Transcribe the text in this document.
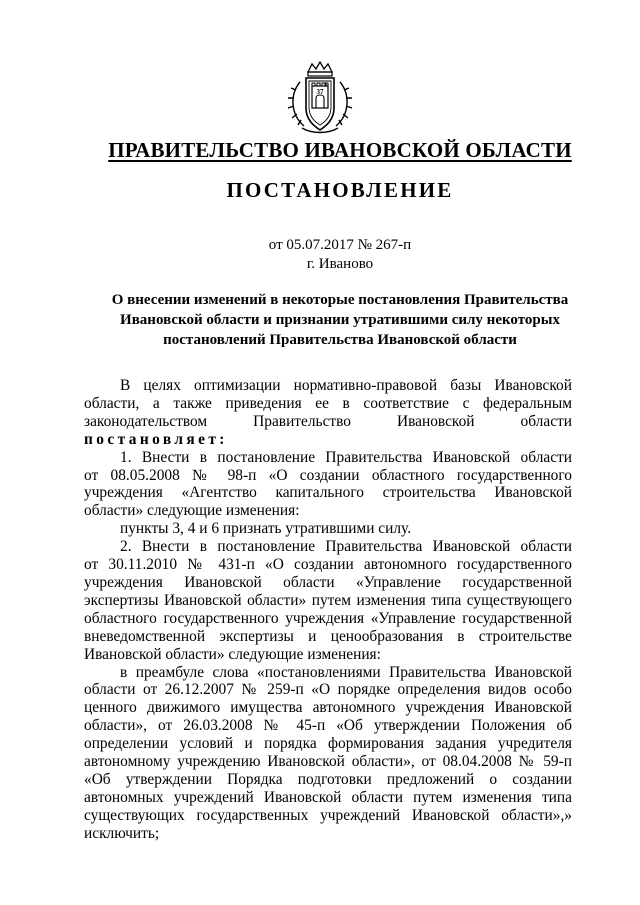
37
ПРАВИТЕЛЬСТВО ИВАНОВСКОЙ ОБЛАСТИ
ПОСТАНОВЛЕНИЕ
от 05.07.2017 № 267-п
г. Иваново
О внесении изменений в некоторые постановления Правительства
Ивановской области и признании утратившими силу некоторых
постановлений Правительства Ивановской области

В целях оптимизации нормативно-правовой базы Ивановской

области, а также приведения ее в соответствие с федеральным

законодательством Правительство Ивановской области

постановляет:

1. Внести в постановление Правительства Ивановской области

от 08.05.2008 № 98-п «О создании областного государственного

учреждения «Агентство капитального строительства Ивановской

области» следующие изменения:

пункты 3, 4 и 6 признать утратившими силу.

2. Внести в постановление Правительства Ивановской области

от 30.11.2010 № 431-п «О создании автономного государственного

учреждения Ивановской области «Управление государственной

экспертизы Ивановской области» путем изменения типа существующего

областного государственного учреждения «Управление государственной

вневедомственной экспертизы и ценообразования в строительстве

Ивановской области» следующие изменения:

в преамбуле слова «постановлениями Правительства Ивановской

области от 26.12.2007 № 259-п «О порядке определения видов особо

ценного движимого имущества автономного учреждения Ивановской

области», от 26.03.2008 № 45-п «Об утверждении Положения об

определении условий и порядка формирования задания учредителя

автономному учреждению Ивановской области», от 08.04.2008 № 59-п

«Об утверждении Порядка подготовки предложений о создании

автономных учреждений Ивановской области путем изменения типа

существующих государственных учреждений Ивановской области»,»

исключить;
